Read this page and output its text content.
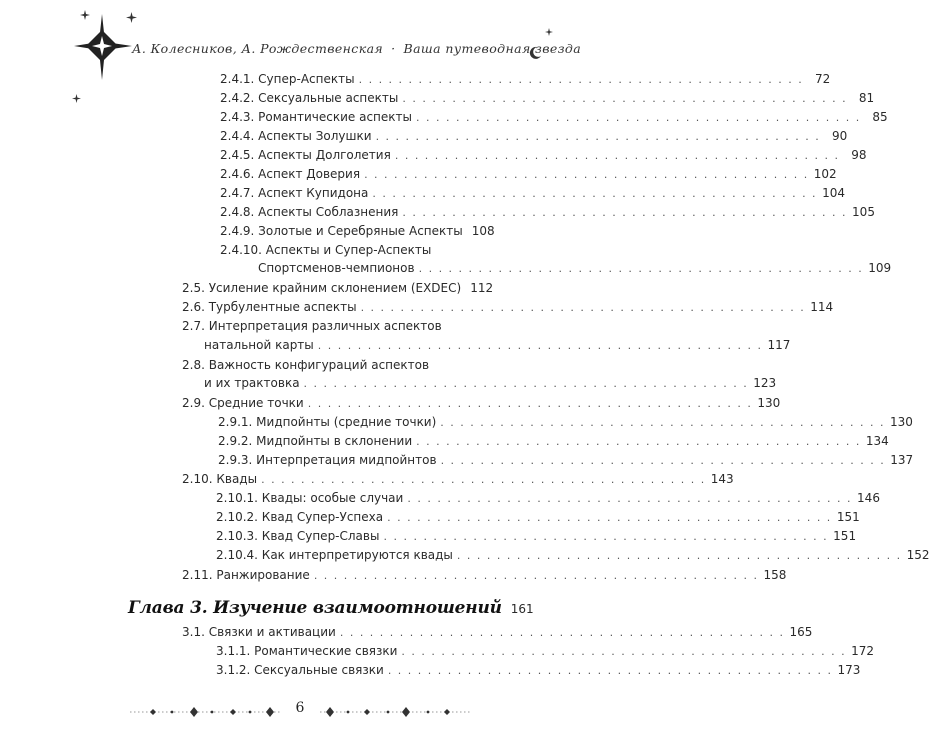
А. Колесников, А. Рождественская · Ваша путеводная звезда
2.4.1. Супер-Аспекты . . . . . . . . . . . . . . . . . . . . . . . . . . . . . . . . . . . . . . . . . . . . . 72
2.4.2. Сексуальные аспекты . . . . . . . . . . . . . . . . . . . . . . . . . . . . . . . . . . . . . . . . . . . . . 81
2.4.3. Романтические аспекты . . . . . . . . . . . . . . . . . . . . . . . . . . . . . . . . . . . . . . . . . . . . . 85
2.4.4. Аспекты Золушки . . . . . . . . . . . . . . . . . . . . . . . . . . . . . . . . . . . . . . . . . . . . . 90
2.4.5. Аспекты Долголетия . . . . . . . . . . . . . . . . . . . . . . . . . . . . . . . . . . . . . . . . . . . . . 98
2.4.6. Аспект Доверия . . . . . . . . . . . . . . . . . . . . . . . . . . . . . . . . . . . . . . . . . . . . . 102
2.4.7. Аспект Купидона . . . . . . . . . . . . . . . . . . . . . . . . . . . . . . . . . . . . . . . . . . . . . 104
2.4.8. Аспекты Соблазнения . . . . . . . . . . . . . . . . . . . . . . . . . . . . . . . . . . . . . . . . . . . . . 105
2.4.9. Золотые и Серебряные Аспекты 108
2.4.10. Аспекты и Супер-Аспекты
Спортсменов-чемпионов . . . . . . . . . . . . . . . . . . . . . . . . . . . . . . . . . . . . . . . . . . . . . 109
2.5. Усиление крайним склонением (EXDEC) 112
2.6. Турбулентные аспекты . . . . . . . . . . . . . . . . . . . . . . . . . . . . . . . . . . . . . . . . . . . . . 114
2.7. Интерпретация различных аспектов
натальной карты . . . . . . . . . . . . . . . . . . . . . . . . . . . . . . . . . . . . . . . . . . . . . 117
2.8. Важность конфигураций аспектов
и их трактовка . . . . . . . . . . . . . . . . . . . . . . . . . . . . . . . . . . . . . . . . . . . . . 123
2.9. Средние точки . . . . . . . . . . . . . . . . . . . . . . . . . . . . . . . . . . . . . . . . . . . . . 130
2.9.1. Мидпойнты (средние точки) . . . . . . . . . . . . . . . . . . . . . . . . . . . . . . . . . . . . . . . . . . . . . 130
2.9.2. Мидпойнты в склонении . . . . . . . . . . . . . . . . . . . . . . . . . . . . . . . . . . . . . . . . . . . . . 134
2.9.3. Интерпретация мидпойнтов . . . . . . . . . . . . . . . . . . . . . . . . . . . . . . . . . . . . . . . . . . . . . 137
2.10. Квады . . . . . . . . . . . . . . . . . . . . . . . . . . . . . . . . . . . . . . . . . . . . . 143
2.10.1. Квады: особые случаи . . . . . . . . . . . . . . . . . . . . . . . . . . . . . . . . . . . . . . . . . . . . . 146
2.10.2. Квад Супер-Успеха . . . . . . . . . . . . . . . . . . . . . . . . . . . . . . . . . . . . . . . . . . . . . 151
2.10.3. Квад Супер-Славы . . . . . . . . . . . . . . . . . . . . . . . . . . . . . . . . . . . . . . . . . . . . . 151
2.10.4. Как интерпретируются квады . . . . . . . . . . . . . . . . . . . . . . . . . . . . . . . . . . . . . . . . . . . . . 152
2.11. Ранжирование . . . . . . . . . . . . . . . . . . . . . . . . . . . . . . . . . . . . . . . . . . . . . 158
Глава 3. Изучение взаимоотношений 161
3.1. Связки и активации . . . . . . . . . . . . . . . . . . . . . . . . . . . . . . . . . . . . . . . . . . . . . 165
3.1.1. Романтические связки . . . . . . . . . . . . . . . . . . . . . . . . . . . . . . . . . . . . . . . . . . . . . 172
3.1.2. Сексуальные связки . . . . . . . . . . . . . . . . . . . . . . . . . . . . . . . . . . . . . . . . . . . . . 173
6
